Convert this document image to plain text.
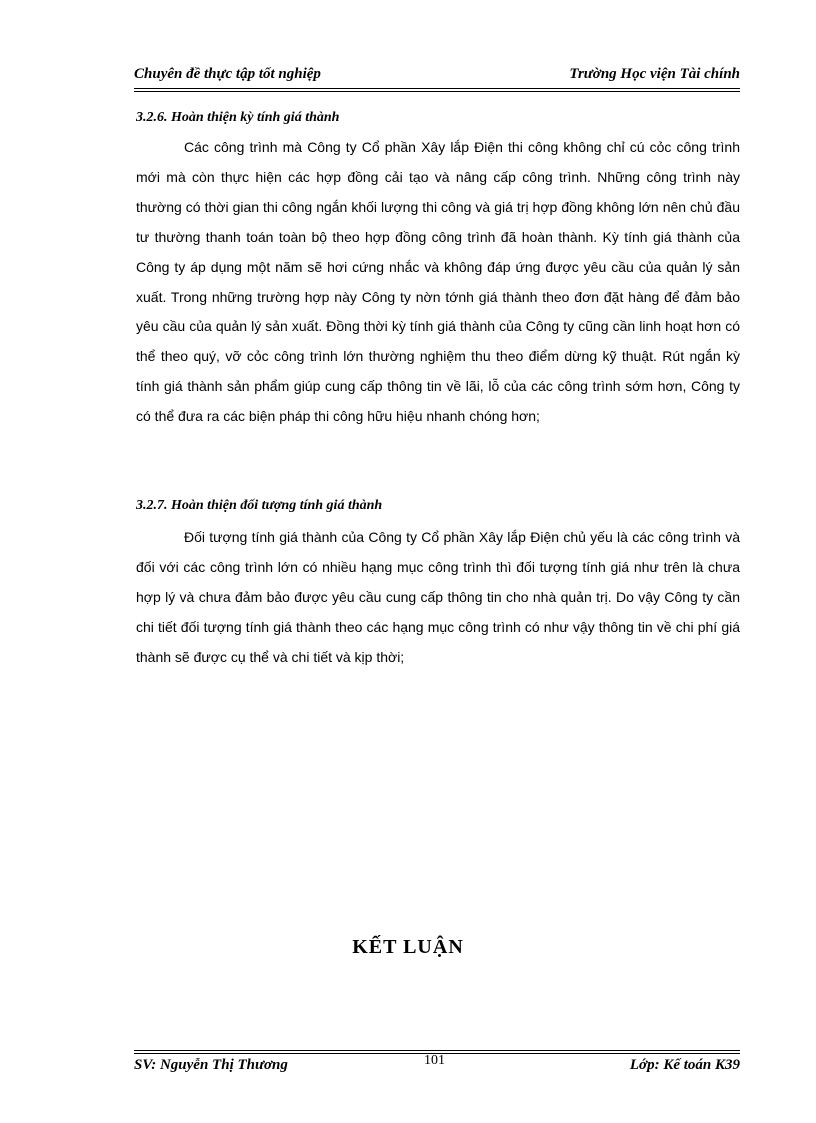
Chuyên đề thực tập tốt nghiệp	Trường Học viện Tài chính
3.2.6. Hoàn thiện kỳ tính giá thành

Các công trình mà Công ty Cổ phần Xây lắp Điện thi công không chỉ cú cỏc công trình mới mà còn thực hiện các hợp đồng cải tạo và nâng cấp công trình. Những công trình này thường có thời gian thi công ngắn khối lượng thi công và giá trị hợp đồng không lớn nên chủ đầu tư thường thanh toán toàn bộ theo hợp đồng công trình đã hoàn thành. Kỳ tính giá thành của Công ty áp dụng một năm sẽ hơi cứng nhắc và không đáp ứng được yêu cầu của quản lý sản xuất. Trong những trường hợp này Công ty nờn tớnh giá thành theo đơn đặt hàng để đảm bảo yêu cầu của quản lý sản xuất. Đồng thời kỳ tính giá thành của Công ty cũng cần linh hoạt hơn có thể theo quý, vỡ cỏc công trình lớn thường nghiệm thu theo điểm dừng kỹ thuật. Rút ngắn kỳ tính giá thành sản phẩm giúp cung cấp thông tin về lãi, lỗ của các công trình sớm hơn, Công ty có thể đưa ra các biện pháp thi công hữu hiệu nhanh chóng hơn;

3.2.7. Hoàn thiện đối tượng tính giá thành

Đối tượng tính giá thành của Công ty Cổ phần Xây lắp Điện chủ yếu là các công trình và đối với các công trình lớn có nhiều hạng mục công trình thì đối tượng tính giá như trên là chưa hợp lý và chưa đảm bảo được yêu cầu cung cấp thông tin cho nhà quản trị. Do vậy Công ty cần chi tiết đối tượng tính giá thành theo các hạng mục công trình có như vậy thông tin về chi phí giá thành sẽ được cụ thể và chi tiết và kịp thời;

KẾT LUẬN
SV: Nguyễn Thị Thương	101	Lớp: Kế toán K39
